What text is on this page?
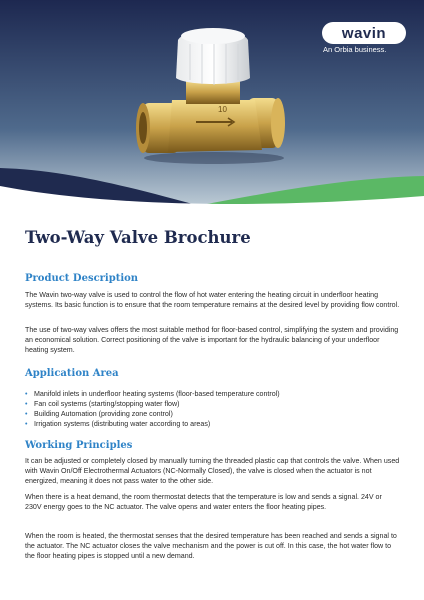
10
wavin
An Orbia business.
Two-Way Valve Brochure
Product Description

The Wavin two-way valve is used to control the flow of hot water entering the heating circuit in underfloor heating systems. Its basic function is to ensure that the room temperature remains at the desired level by providing flow control.

The use of two-way valves offers the most suitable method for floor-based control, simplifying the system and providing an economical solution. Correct positioning of the valve is important for the hydraulic balancing of your underfloor heating system.

Application Area
• Manifold inlets in underfloor heating systems (floor-based temperature control)
• Fan coil systems (starting/stopping water flow)
• Building Automation (providing zone control)
• Irrigation systems (distributing water according to areas)
Working Principles

It can be adjusted or completely closed by manually turning the threaded plastic cap that controls the valve. When used with Wavin On/Off Electrothermal Actuators (NC-Normally Closed), the valve is closed when the actuator is not energized, meaning it does not pass water to the other side.

When there is a heat demand, the room thermostat detects that the temperature is low and sends a signal. 24V or 230V energy goes to the NC actuator. The valve opens and water enters the floor heating pipes.

When the room is heated, the thermostat senses that the desired temperature has been reached and sends a signal to the actuator. The NC actuator closes the valve mechanism and the power is cut off. In this case, the hot water flow to the floor heating pipes is stopped until a new demand.
